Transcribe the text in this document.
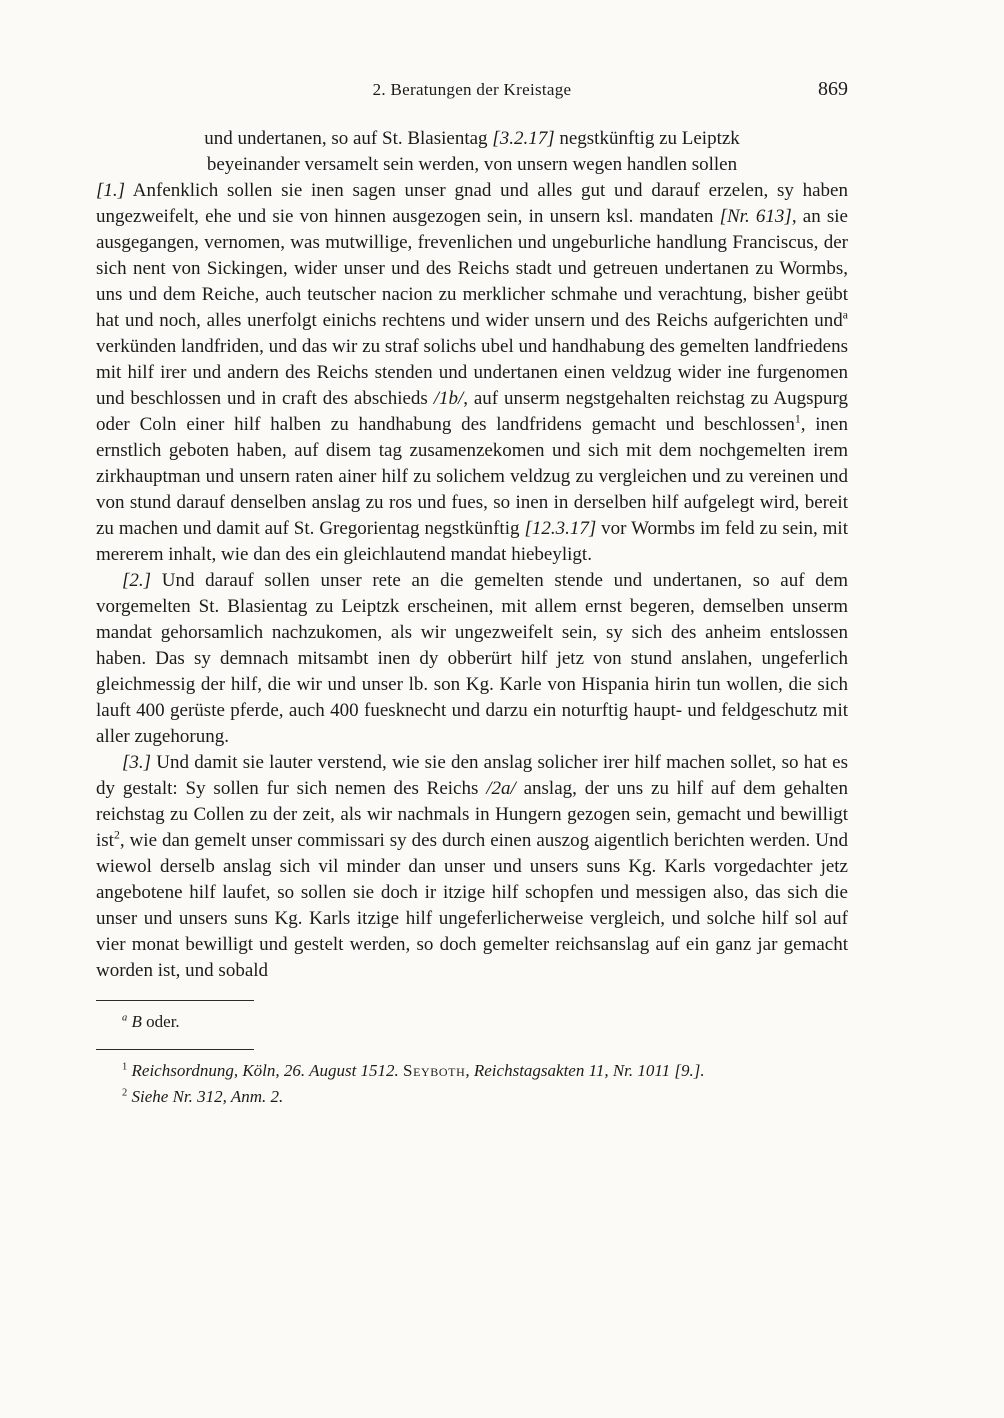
2. Beratungen der Kreistage	869
und undertanen, so auf St. Blasientag [3.2.17] negstkünftig zu Leiptzk
beyeinander versamelt sein werden, von unsern wegen handlen sollen

[1.] Anfenklich sollen sie inen sagen unser gnad und alles gut und darauf erzelen, sy haben ungezweifelt, ehe und sie von hinnen ausgezogen sein, in unsern ksl. mandaten [Nr. 613], an sie ausgegangen, vernomen, was mutwillige, frevenlichen und ungeburliche handlung Franciscus, der sich nent von Sickingen, wider unser und des Reichs stadt und getreuen undertanen zu Wormbs, uns und dem Reiche, auch teutscher nacion zu merklicher schmahe und verachtung, bisher geübt hat und noch, alles unerfolgt einichs rechtens und wider unsern und des Reichs aufgerichten und$^a$ verkünden landfriden, und das wir zu straf solichs ubel und handhabung des gemelten landfriedens mit hilf irer und andern des Reichs stenden und undertanen einen veldzug wider ine furgenomen und beschlossen und in craft des abschieds /1b/, auf unserm negstgehalten reichstag zu Augspurg oder Coln einer hilf halben zu handhabung des landfridens gemacht und beschlossen$^1$, inen ernstlich geboten haben, auf disem tag zusamenzekomen und sich mit dem nochgemelten irem zirkhauptman und unsern raten ainer hilf zu solichem veldzug zu vergleichen und zu vereinen und von stund darauf denselben anslag zu ros und fues, so inen in derselben hilf aufgelegt wird, bereit zu machen und damit auf St. Gregorientag negstkünftig [12.3.17] vor Wormbs im feld zu sein, mit mererem inhalt, wie dan des ein gleichlautend mandat hiebeyligt.

[2.] Und darauf sollen unser rete an die gemelten stende und undertanen, so auf dem vorgemelten St. Blasientag zu Leiptzk erscheinen, mit allem ernst begeren, demselben unserm mandat gehorsamlich nachzukomen, als wir ungezweifelt sein, sy sich des anheim entslossen haben. Das sy demnach mitsambt inen dy obberürt hilf jetz von stund anslahen, ungeferlich gleichmessig der hilf, die wir und unser lb. son Kg. Karle von Hispania hirin tun wollen, die sich lauft 400 gerüste pferde, auch 400 fuesknecht und darzu ein noturftig haupt- und feldgeschutz mit aller zugehorung.

[3.] Und damit sie lauter verstend, wie sie den anslag solicher irer hilf machen sollet, so hat es dy gestalt: Sy sollen fur sich nemen des Reichs /2a/ anslag, der uns zu hilf auf dem gehalten reichstag zu Collen zu der zeit, als wir nachmals in Hungern gezogen sein, gemacht und bewilligt ist$^2$, wie dan gemelt unser commissari sy des durch einen auszog aigentlich berichten werden. Und wiewol derselb anslag sich vil minder dan unser und unsers suns Kg. Karls vorgedachter jetz angebotene hilf laufet, so sollen sie doch ir itzige hilf schopfen und messigen also, das sich die unser und unsers suns Kg. Karls itzige hilf ungeferlicherweise vergleich, und solche hilf sol auf vier monat bewilligt und gestelt werden, so doch gemelter reichsanslag auf ein ganz jar gemacht worden ist, und sobald

$^a$ B oder.

$^1$ Reichsordnung, Köln, 26. August 1512. Seyboth, Reichstagsakten 11, Nr. 1011 [9.].

$^2$ Siehe Nr. 312, Anm. 2.
